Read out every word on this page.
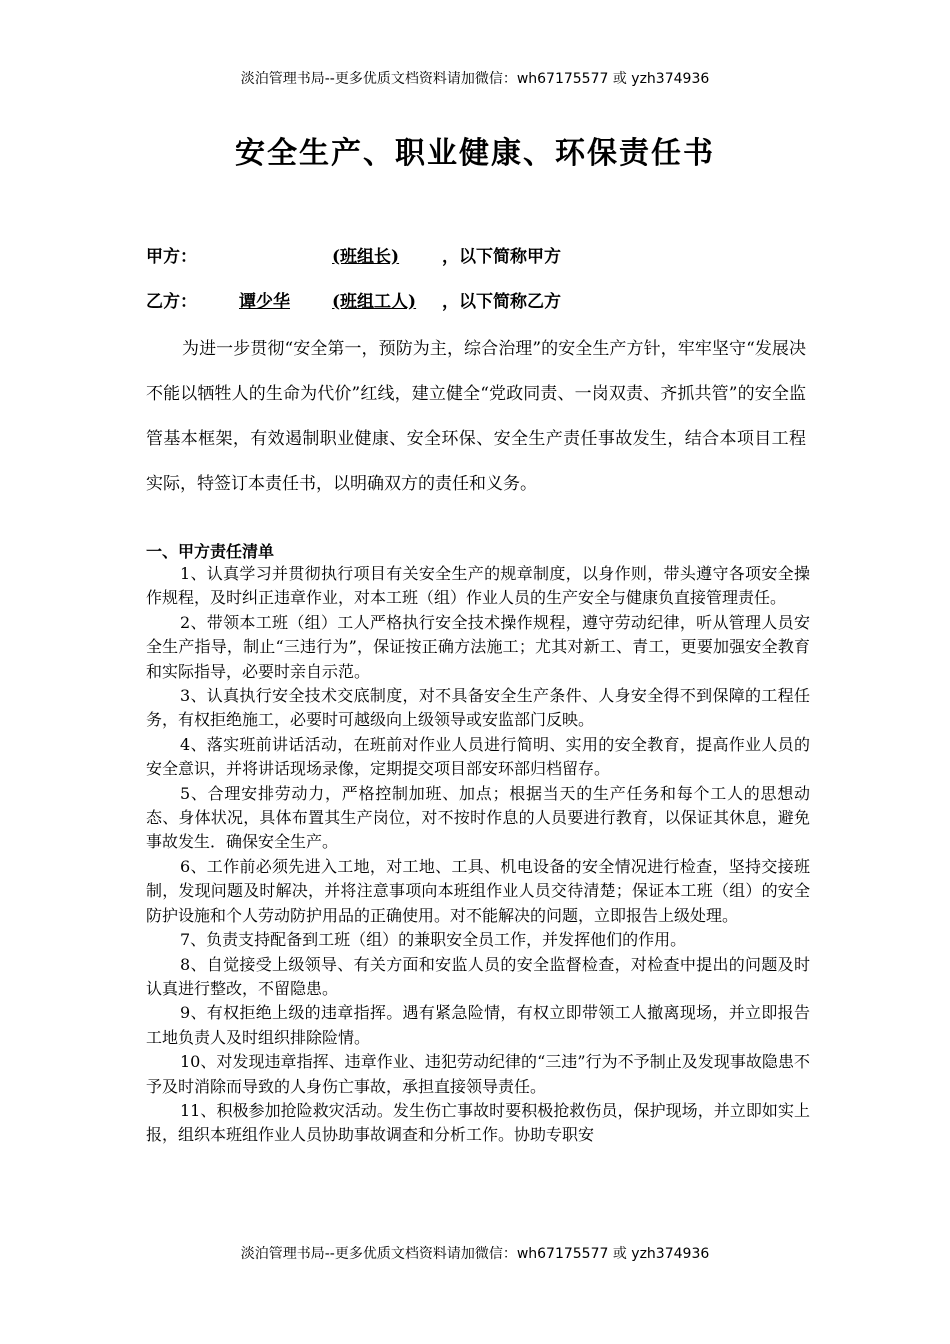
淡泊管理书局--更多优质文档资料请加微信：wh67175577 或 yzh374936
安全生产、职业健康、环保责任书
甲方：	(班组长)	，以下简称甲方
乙方： 谭少华 (班组工人) ，以下简称乙方

为进一步贯彻“安全第一，预防为主，综合治理”的安全生产方针，牢牢坚守“发展决不能以牺牲人的生命为代价”红线，建立健全“党政同责、一岗双责、齐抓共管”的安全监管基本框架，有效遏制职业健康、安全环保、安全生产责任事故发生，结合本项目工程实际，特签订本责任书，以明确双方的责任和义务。

一、甲方责任清单

1、认真学习并贯彻执行项目有关安全生产的规章制度，以身作则，带头遵守各项安全操作规程，及时纠正违章作业，对本工班（组）作业人员的生产安全与健康负直接管理责任。

2、带领本工班（组）工人严格执行安全技术操作规程，遵守劳动纪律，听从管理人员安全生产指导，制止“三违行为”，保证按正确方法施工；尤其对新工、青工，更要加强安全教育和实际指导，必要时亲自示范。

3、认真执行安全技术交底制度，对不具备安全生产条件、人身安全得不到保障的工程任务，有权拒绝施工，必要时可越级向上级领导或安监部门反映。

4、落实班前讲话活动，在班前对作业人员进行简明、实用的安全教育，提高作业人员的安全意识，并将讲话现场录像，定期提交项目部安环部归档留存。

5、合理安排劳动力，严格控制加班、加点；根据当天的生产任务和每个工人的思想动态、身体状况，具体布置其生产岗位，对不按时作息的人员要进行教育，以保证其休息，避免事故发生．确保安全生产。

6、工作前必须先进入工地，对工地、工具、机电设备的安全情况进行检查，坚持交接班制，发现问题及时解决，并将注意事项向本班组作业人员交待清楚；保证本工班（组）的安全防护设施和个人劳动防护用品的正确使用。对不能解决的问题，立即报告上级处理。

7、负责支持配备到工班（组）的兼职安全员工作，并发挥他们的作用。

8、自觉接受上级领导、有关方面和安监人员的安全监督检查，对检查中提出的问题及时认真进行整改，不留隐患。

9、有权拒绝上级的违章指挥。遇有紧急险情，有权立即带领工人撤离现场，并立即报告工地负责人及时组织排除险情。

10、对发现违章指挥、违章作业、违犯劳动纪律的“三违”行为不予制止及发现事故隐患不予及时消除而导致的人身伤亡事故，承担直接领导责任。

11、积极参加抢险救灾活动。发生伤亡事故时要积极抢救伤员，保护现场，并立即如实上报，组织本班组作业人员协助事故调查和分析工作。协助专职安

淡泊管理书局--更多优质文档资料请加微信：wh67175577 或 yzh374936
